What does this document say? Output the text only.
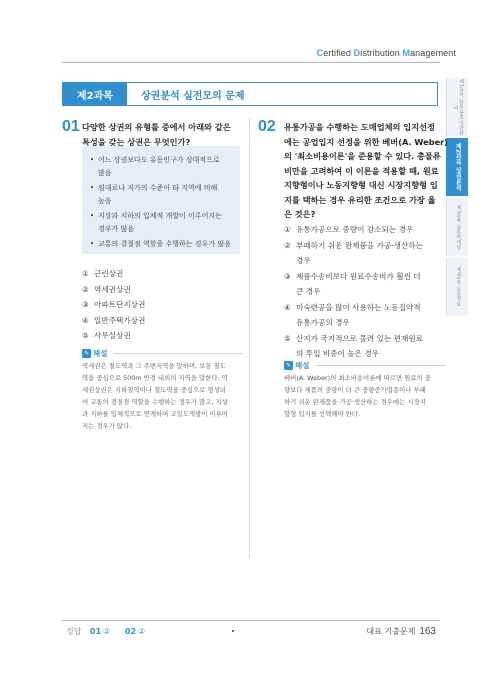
Certified Distribution Management
제2과목	상권분석 실전모의 문제	제1과목 유통·물류일반관리
제2과목 상권분석
제3과목 유통마케팅
제4과목 유통정보
01 다양한 상권의 유형틀 중에서 아래와 같은
특성을 갖는 상권은 무엇인가?
• 어느 상권보다도 유동인구가 상대적으로
많음
• 임대료나 지가의 수준이 타 지역에 비해
높음
• 지상과 지하의 입체적 개발이 이루어지는
경우가 많음
• 교통의 결절점 역할을 수행하는 경우가 많음
① 근린상권
② 역세권상권
③ 아파트단지상권
④ 일반주택가상권
⑤ 사무실상권
✎ 해설
역세권은 철도역과 그 주변지역을 말하며, 보통 철도
역을 중심으로 500m 반경 내외의 지역을 말한다. 역
세권상권은 지하철역이나 철도역을 중심으로 형성되
어 교통의 결절점 역할을 수행하는 경우가 많고, 지상
과 지하를 입체적으로 연계하여 고밀도개발이 이루어
지는 경우가 많다.
02 유통가공을 수행하는 도매업체의 입지선정
에는 공업입지 선정을 위한 베버(A. Weber)
의 '최소비용이론'을 준용할 수 있다. 총물류
비만을 고려하여 이 이론을 적용할 때, 원료
지향형이나 노동지향형 대신 시장지향형 입
지를 택하는 경우 유리한 조건으로 가장 옳
은 것은?
① 유통가공으로 중량이 감소되는 경우
② 부패하기 쉬운 완제품을 가공·생산하는
경우
③ 제품수송비보다 원료수송비가 훨씬 더
큰 경우
④ 미숙련공을 많이 사용하는 노동집약적
유통가공의 경우
⑤ 산지가 국지적으로 몰려 있는 편재원료
의 투입 비중이 높은 경우
✎ 해설
베버(A. Weber)의 최소비용이론에 따르면 원료의 중
량보다 제품의 중량이 더 큰 중량증가업종이나 부패
하기 쉬운 완제품을 가공·생산하는 경우에는 시장지
향형 입지를 선택해야 한다.
정답 01 ② 02 ②	대표 기출문제 163
